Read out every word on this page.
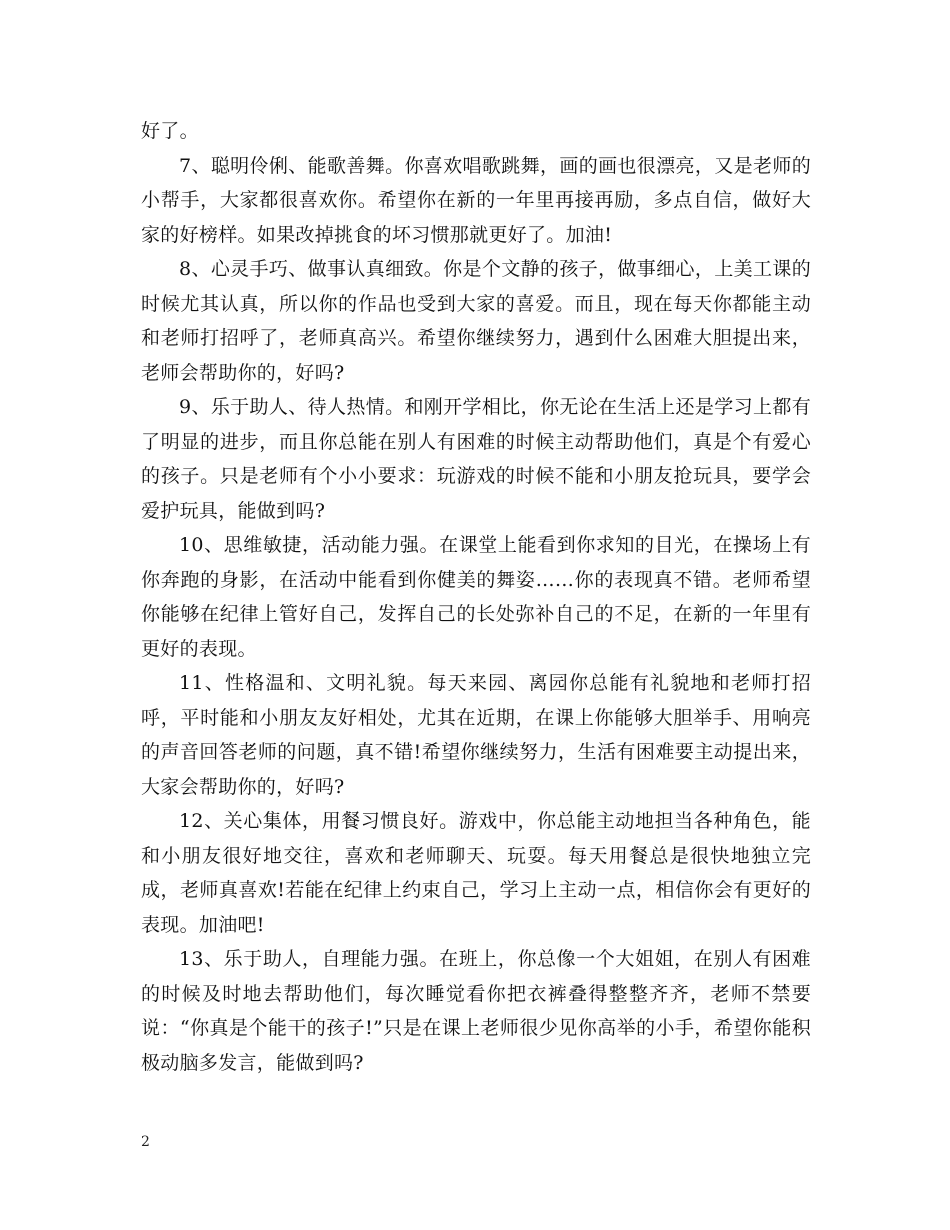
好了。

7、聪明伶俐、能歌善舞。你喜欢唱歌跳舞，画的画也很漂亮，又是老师的小帮手，大家都很喜欢你。希望你在新的一年里再接再励，多点自信，做好大家的好榜样。如果改掉挑食的坏习惯那就更好了。加油!

8、心灵手巧、做事认真细致。你是个文静的孩子，做事细心，上美工课的时候尤其认真，所以你的作品也受到大家的喜爱。而且，现在每天你都能主动和老师打招呼了，老师真高兴。希望你继续努力，遇到什么困难大胆提出来，老师会帮助你的，好吗?

9、乐于助人、待人热情。和刚开学相比，你无论在生活上还是学习上都有了明显的进步，而且你总能在别人有困难的时候主动帮助他们，真是个有爱心的孩子。只是老师有个小小要求：玩游戏的时候不能和小朋友抢玩具，要学会爱护玩具，能做到吗?

10、思维敏捷，活动能力强。在课堂上能看到你求知的目光，在操场上有你奔跑的身影，在活动中能看到你健美的舞姿……你的表现真不错。老师希望你能够在纪律上管好自己，发挥自己的长处弥补自己的不足，在新的一年里有更好的表现。

11、性格温和、文明礼貌。每天来园、离园你总能有礼貌地和老师打招呼，平时能和小朋友友好相处，尤其在近期，在课上你能够大胆举手、用响亮的声音回答老师的问题，真不错!希望你继续努力，生活有困难要主动提出来，大家会帮助你的，好吗?

12、关心集体，用餐习惯良好。游戏中，你总能主动地担当各种角色，能和小朋友很好地交往，喜欢和老师聊天、玩耍。每天用餐总是很快地独立完成，老师真喜欢!若能在纪律上约束自己，学习上主动一点，相信你会有更好的表现。加油吧!

13、乐于助人，自理能力强。在班上，你总像一个大姐姐，在别人有困难的时候及时地去帮助他们，每次睡觉看你把衣裤叠得整整齐齐，老师不禁要说：“你真是个能干的孩子!”只是在课上老师很少见你高举的小手，希望你能积极动脑多发言，能做到吗?

2
